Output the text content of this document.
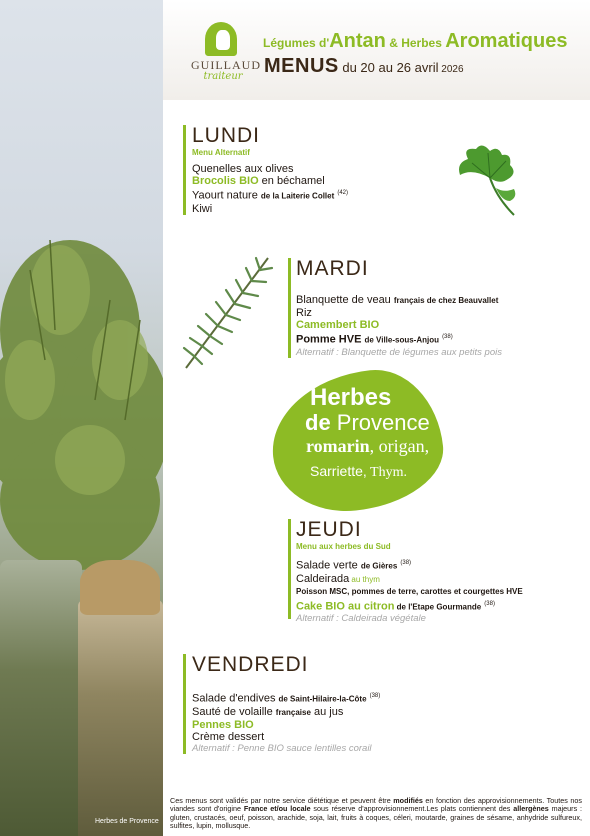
Herbes de Provence
GUILLAUD
traiteur
Légumes d'Antan & Herbes Aromatiques
MENUS du 20 au 26 avril 2026
LUNDI
Menu Alternatif
Quenelles aux olives
Brocolis BIO en béchamel
Yaourt nature de la Laiterie Collet $^{(42)}$
Kiwi
MARDI
Blanquette de veau français de chez Beauvallet
Riz
Camembert BIO
Pomme HVE de Ville-sous-Anjou $^{(38)}$
Alternatif : Blanquette de légumes aux petits pois
Herbes
de Provence
romarin, origan,
Sarriette, Thym.
JEUDI
Menu aux herbes du Sud
Salade verte de Gières $^{(38)}$
Caldeirada au thym
Poisson MSC, pommes de terre, carottes et courgettes HVE
Cake BIO au citron de l'Etape Gourmande $^{(38)}$
Alternatif : Caldeirada végétale
VENDREDI
Salade d'endives de Saint-Hilaire-la-Côte $^{(38)}$
Sauté de volaille française au jus
Pennes BIO
Crème dessert
Alternatif : Penne BIO sauce lentilles corail
Ces menus sont validés par notre service diététique et peuvent être modifiés en fonction des approvisionnements. Toutes nos viandes sont d'origine France et/ou locale sous réserve d'approvisionnement.Les plats contiennent des allergènes majeurs : gluten, crustacés, oeuf, poisson, arachide, soja, lait, fruits à coques, céleri, moutarde, graines de sésame, anhydride sulfureux, sulfites, lupin, mollusque.
